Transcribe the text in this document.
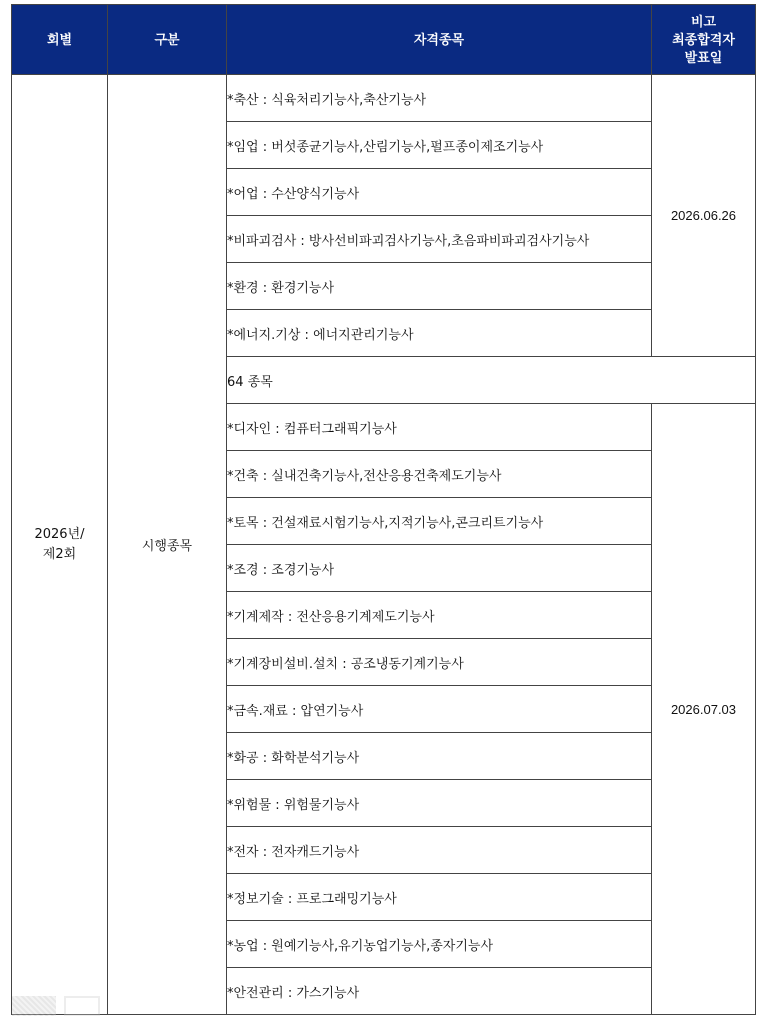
회별	구분	자격종목	비고
최종합격자
발표일

2026년/
제2회	시행종목	*축산 : 식육처리기능사,축산기능사	2026.06.26
		*임업 : 버섯종균기능사,산림기능사,펄프종이제조기능사	
		*어업 : 수산양식기능사	
		*비파괴검사 : 방사선비파괴검사기능사,초음파비파괴검사기능사	
		*환경 : 환경기능사	
		*에너지.기상 : 에너지관리기능사	
		64 종목	
		*디자인 : 컴퓨터그래픽기능사	2026.07.03
		*건축 : 실내건축기능사,전산응용건축제도기능사	
		*토목 : 건설재료시험기능사,지적기능사,콘크리트기능사	
		*조경 : 조경기능사	
		*기계제작 : 전산응용기계제도기능사	
		*기계장비설비.설치 : 공조냉동기계기능사	
		*금속.재료 : 압연기능사	
		*화공 : 화학분석기능사	
		*위험물 : 위험물기능사	
		*전자 : 전자캐드기능사	
		*정보기술 : 프로그래밍기능사	
		*농업 : 원예기능사,유기농업기능사,종자기능사	
		*안전관리 : 가스기능사	
